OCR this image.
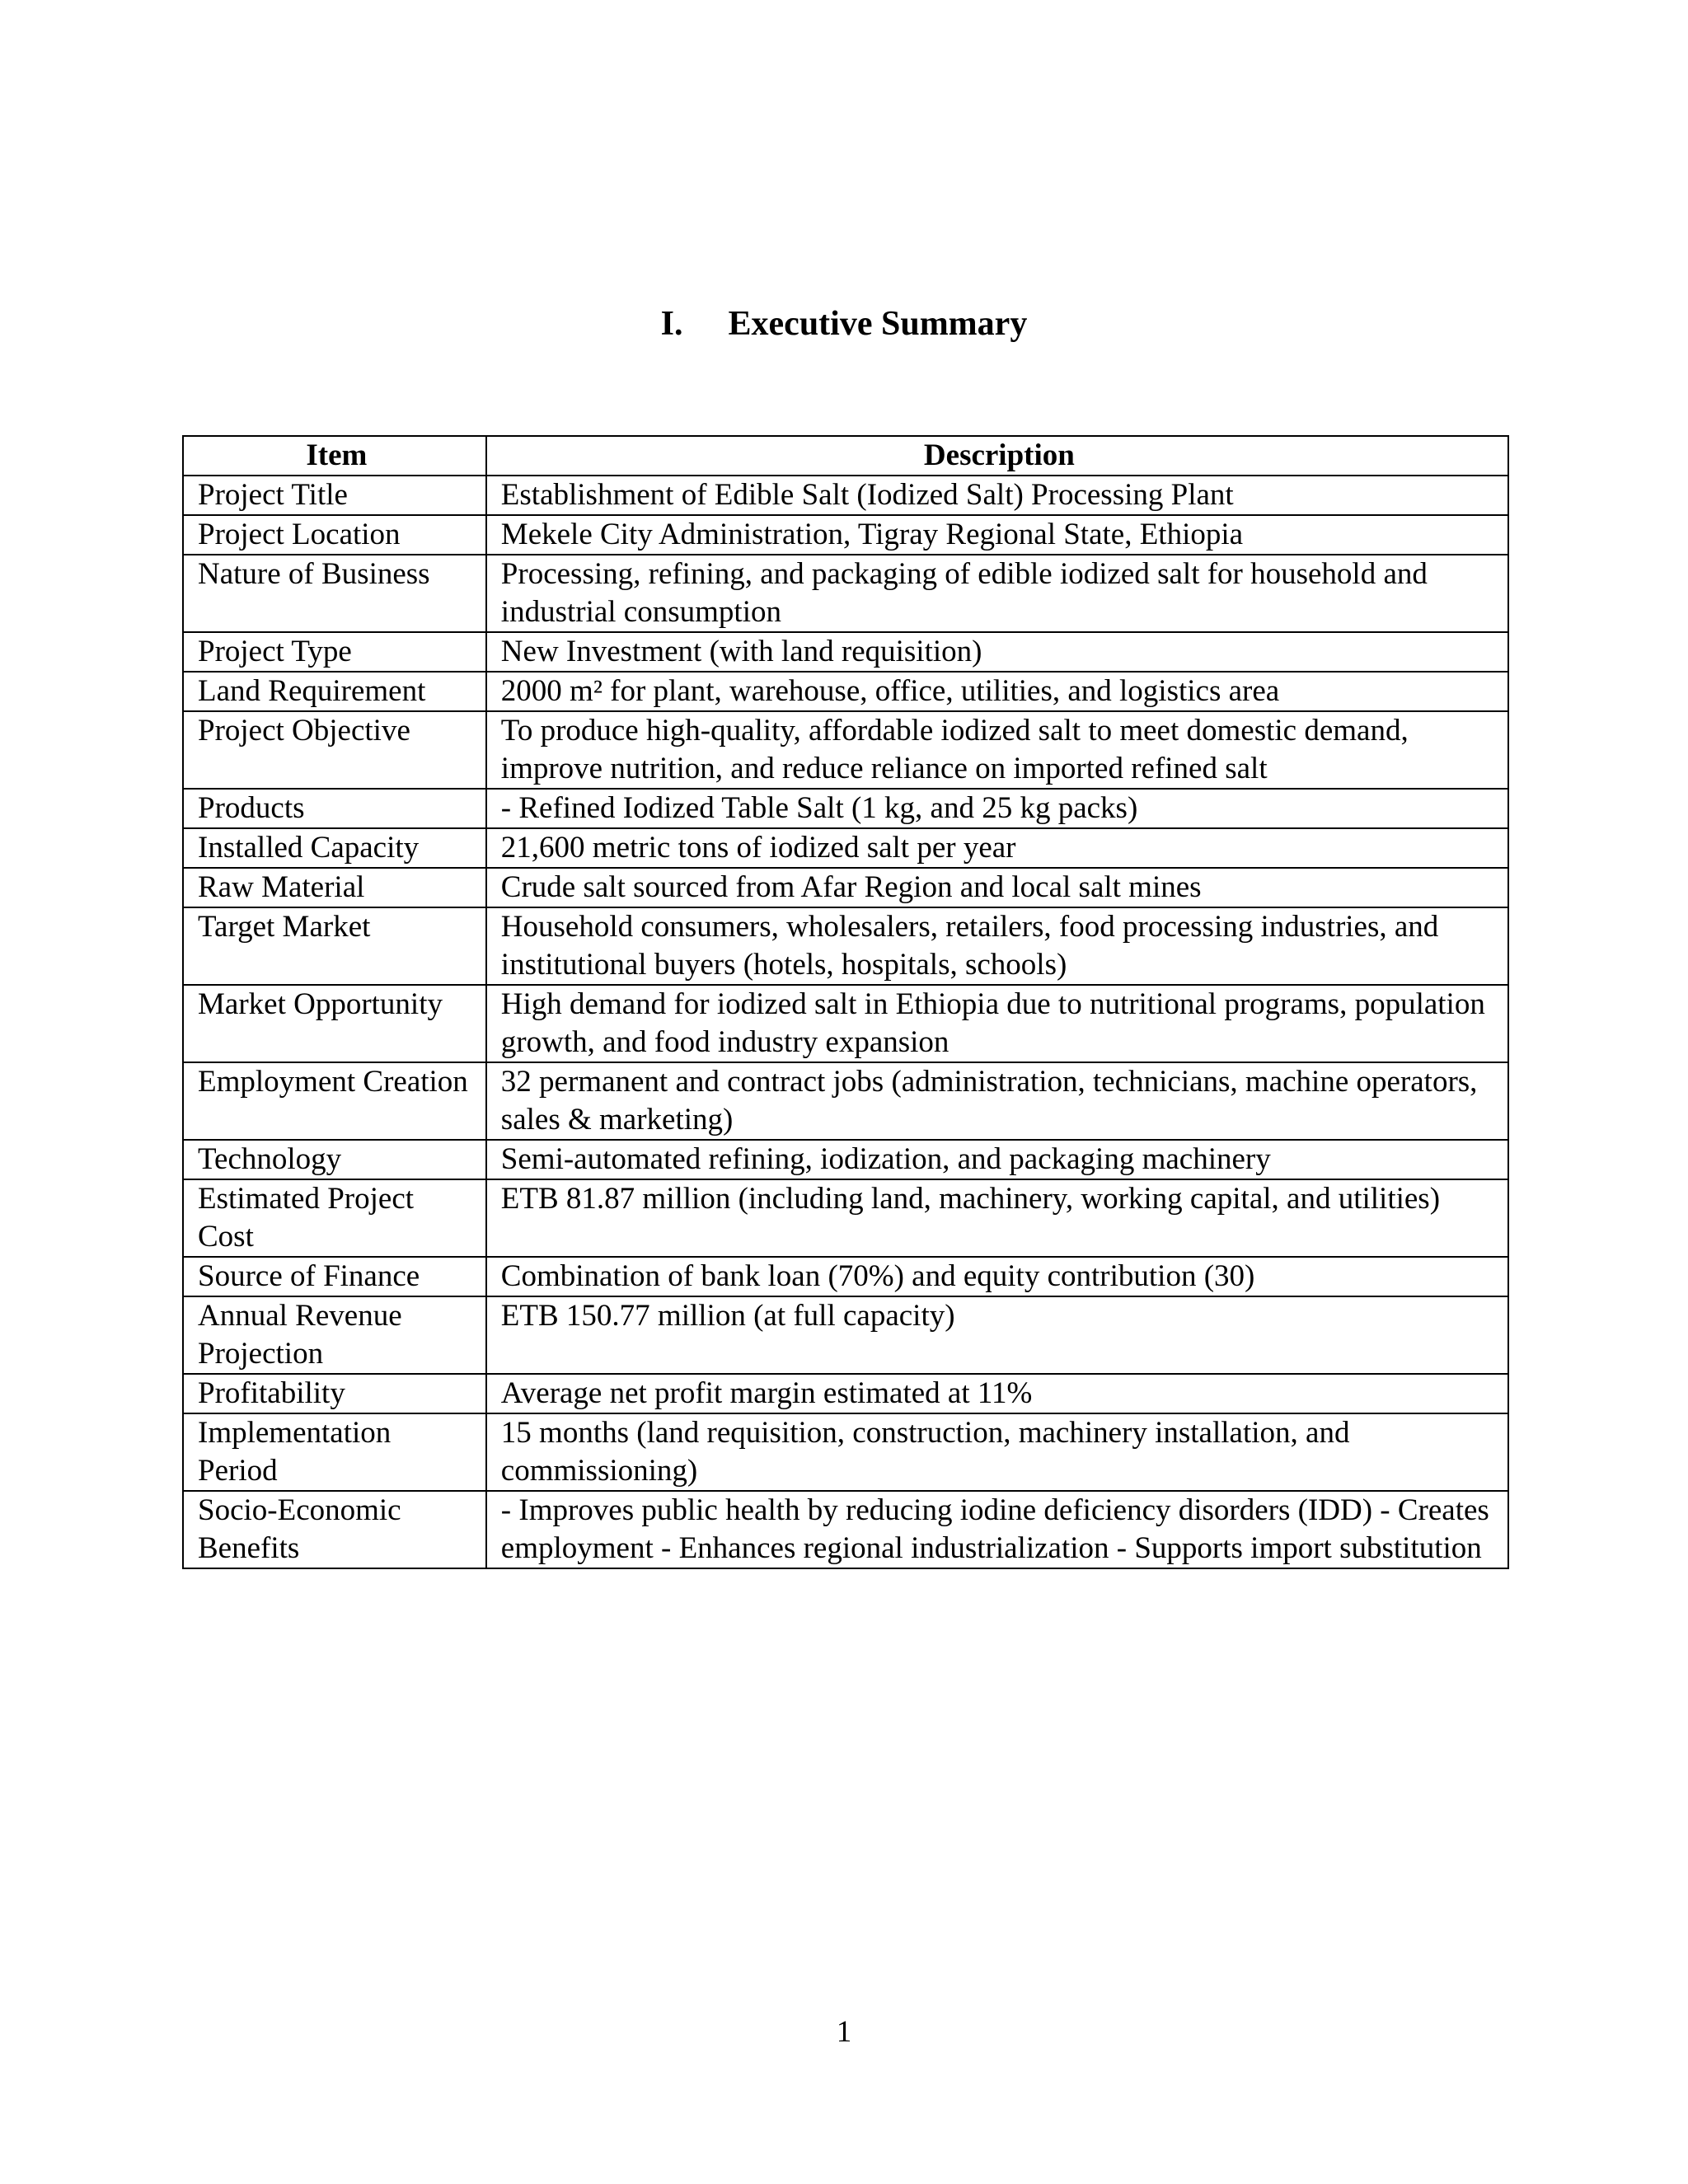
I. Executive Summary
Item	Description
Project Title	Establishment of Edible Salt (Iodized Salt) Processing Plant
Project Location	Mekele City Administration, Tigray Regional State, Ethiopia
Nature of Business	Processing, refining, and packaging of edible iodized salt for household and industrial consumption
Project Type	New Investment (with land requisition)
Land Requirement	2000 m² for plant, warehouse, office, utilities, and logistics area
Project Objective	To produce high-quality, affordable iodized salt to meet domestic demand, improve nutrition, and reduce reliance on imported refined salt
Products	- Refined Iodized Table Salt (1 kg, and 25 kg packs)
Installed Capacity	21,600 metric tons of iodized salt per year
Raw Material	Crude salt sourced from Afar Region and local salt mines
Target Market	Household consumers, wholesalers, retailers, food processing industries, and institutional buyers (hotels, hospitals, schools)
Market Opportunity	High demand for iodized salt in Ethiopia due to nutritional programs, population growth, and food industry expansion
Employment Creation	32 permanent and contract jobs (administration, technicians, machine operators, sales & marketing)
Technology	Semi-automated refining, iodization, and packaging machinery
Estimated Project Cost	ETB 81.87 million (including land, machinery, working capital, and utilities)
Source of Finance	Combination of bank loan (70%) and equity contribution (30)
Annual Revenue Projection	ETB 150.77 million (at full capacity)
Profitability	Average net profit margin estimated at 11%
Implementation Period	15 months (land requisition, construction, machinery installation, and commissioning)
Socio-Economic Benefits	- Improves public health by reducing iodine deficiency disorders (IDD) - Creates employment - Enhances regional industrialization - Supports import substitution
1
